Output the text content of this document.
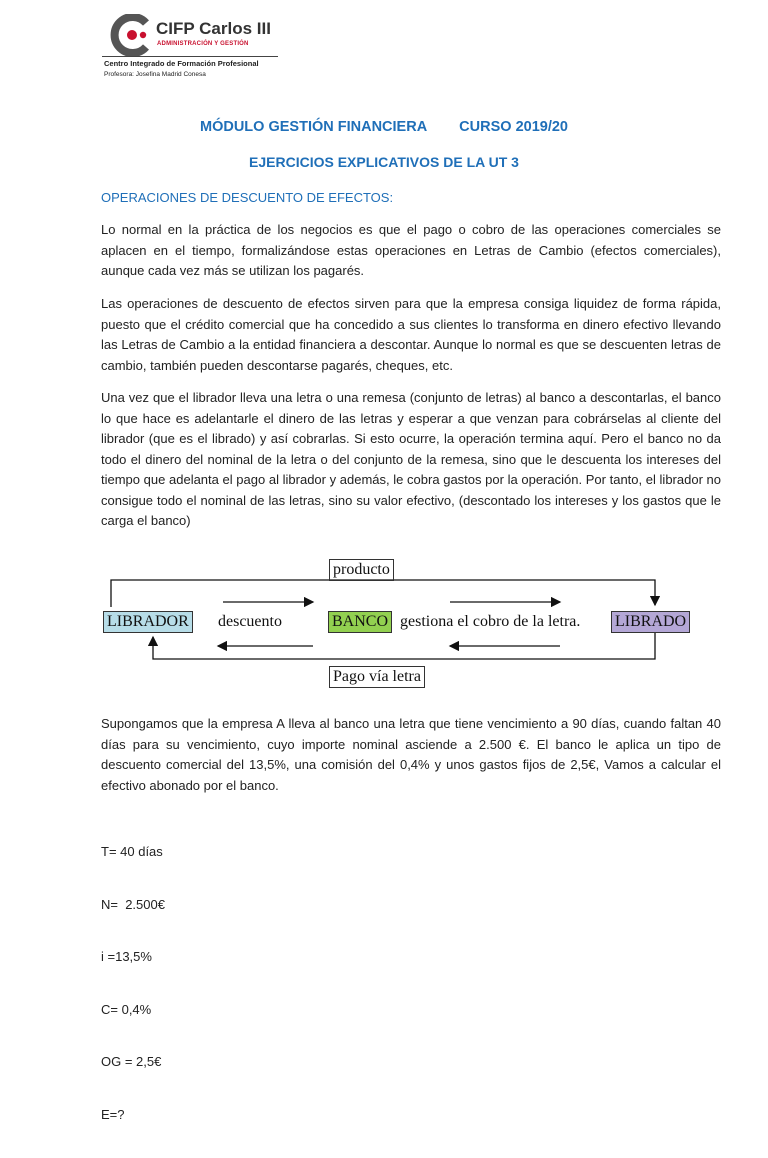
CIFP Carlos III
ADMINISTRACIÓN Y GESTIÓN
Centro Integrado de Formación Profesional
Profesora: Josefina Madrid Conesa
MÓDULO GESTIÓN FINANCIERA CURSO 2019/20
EJERCICIOS EXPLICATIVOS DE LA UT 3
OPERACIONES DE DESCUENTO DE EFECTOS:

Lo normal en la práctica de los negocios es que el pago o cobro de las operaciones comerciales se aplacen en el tiempo, formalizándose estas operaciones en Letras de Cambio (efectos comerciales), aunque cada vez más se utilizan los pagarés.

Las operaciones de descuento de efectos sirven para que la empresa consiga liquidez de forma rápida, puesto que el crédito comercial que ha concedido a sus clientes lo transforma en dinero efectivo llevando las Letras de Cambio a la entidad financiera a descontar. Aunque lo normal es que se descuenten letras de cambio, también pueden descontarse pagarés, cheques, etc.

Una vez que el librador lleva una letra o una remesa (conjunto de letras) al banco a descontarlas, el banco lo que hace es adelantarle el dinero de las letras y esperar a que venzan para cobrárselas al cliente del librador (que es el librado) y así cobrarlas. Si esto ocurre, la operación termina aquí. Pero el banco no da todo el dinero del nominal de la letra o del conjunto de la remesa, sino que le descuenta los intereses del tiempo que adelanta el pago al librador y además, le cobra gastos por la operación. Por tanto, el librador no consigue todo el nominal de las letras, sino su valor efectivo, (descontado los intereses y los gastos que le carga el banco)

producto
LIBRADOR descuento	BANCO gestiona el cobro de la letra. LIBRADO
Pago vía letra

Supongamos que la empresa A lleva al banco una letra que tiene vencimiento a 90 días, cuando faltan 40 días para su vencimiento, cuyo importe nominal asciende a 2.500 €. El banco le aplica un tipo de descuento comercial del 13,5%, una comisión del 0,4% y unos gastos fijos de 2,5€, Vamos a calcular el efectivo abonado por el banco.

T= 40 días

N=  2.500€

i =13,5%

C= 0,4%

OG = 2,5€

E=?
